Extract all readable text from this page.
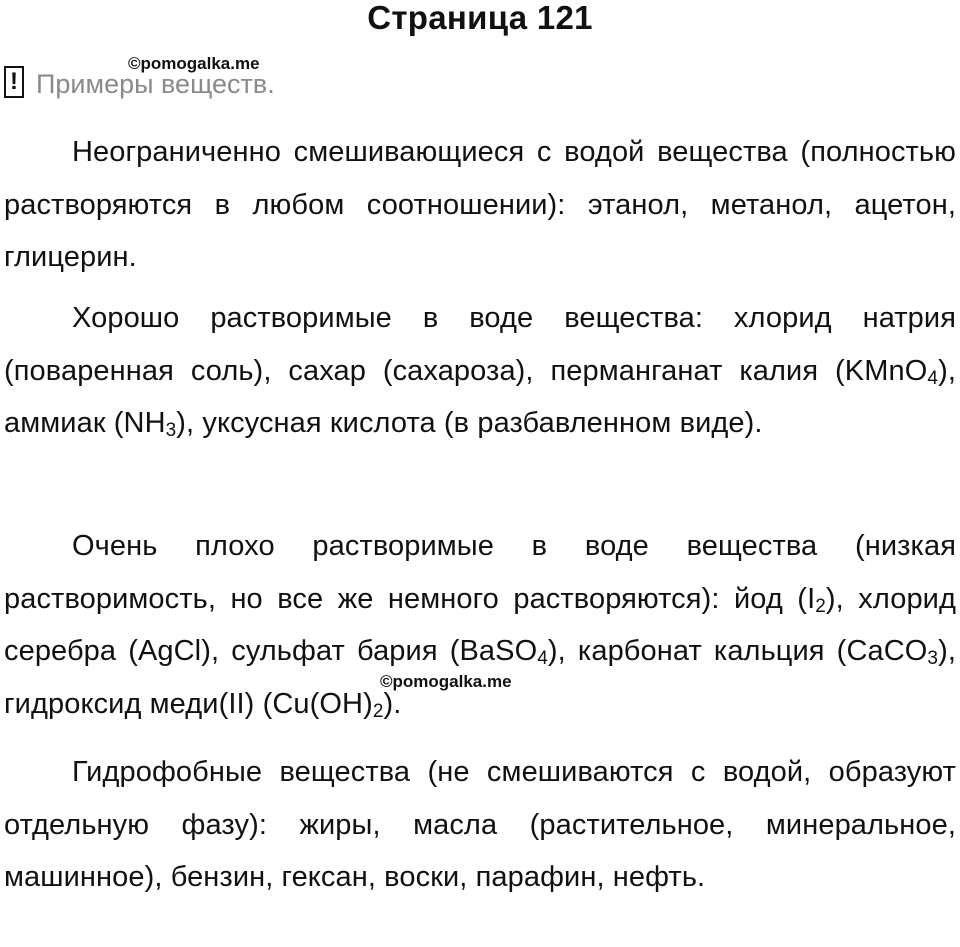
Страница 121
! Примеры веществ.
©pomogalka.me
Неограниченно смешивающиеся с водой вещества (полностью растворяются в любом соотношении): этанол, метанол, ацетон, глицерин.
Хорошо растворимые в воде вещества: хлорид натрия (поваренная соль), сахар (сахароза), перманганат калия (KMnO$_4$), аммиак $(NH_3)$, уксусная кислота (в разбавленном виде).
Очень плохо растворимые в воде вещества (низкая растворимость, но все же немного растворяются): йод $(I_2)$, хлорид серебра (AgCl), сульфат бария (BaSO$_4$), карбонат кальция (CaCO$_3$), гидроксид меди(II) $(Cu(OH)_2)$.
©pomogalka.me
Гидрофобные вещества (не смешиваются с водой, образуют отдельную фазу): жиры, масла (растительное, минеральное, машинное), бензин, гексан, воски, парафин, нефть.
